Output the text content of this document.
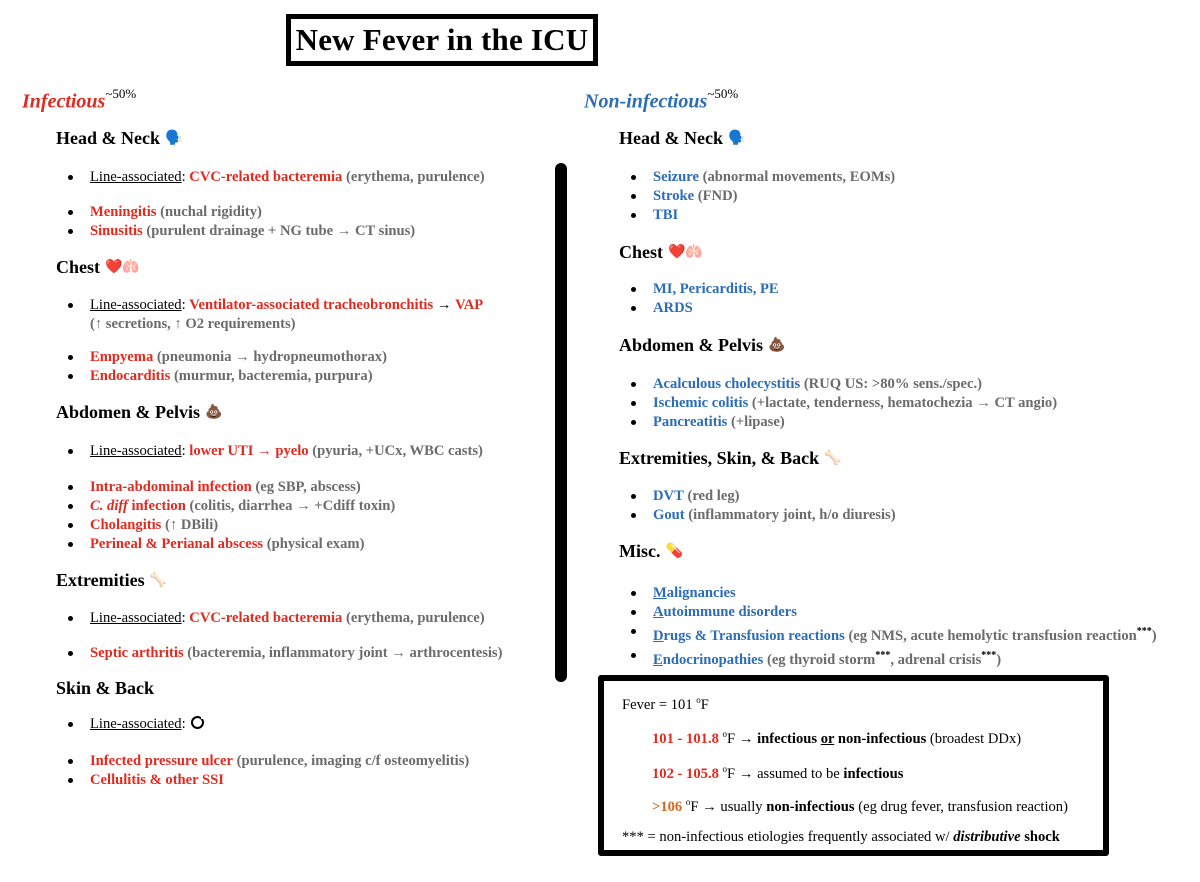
New Fever in the ICU
Infectious$^{\sim 50\%}$	Non-infectious$^{\sim 50\%}$
Head & Neck 🗣️
Line-associated: CVC-related bacteremia (erythema, purulence)
Meningitis (nuchal rigidity)
Sinusitis (purulent drainage + NG tube → CT sinus)
Chest ❤️🫁
Line-associated: Ventilator-associated tracheobronchitis → VAP
(↑ secretions, ↑ O2 requirements)
Empyema (pneumonia → hydropneumothorax)
Endocarditis (murmur, bacteremia, purpura)
Abdomen & Pelvis 💩
Line-associated: lower UTI → pyelo (pyuria, +UCx, WBC casts)
Intra-abdominal infection (eg SBP, abscess)
C. diff infection (colitis, diarrhea → +Cdiff toxin)
Cholangitis (↑ DBili)
Perineal & Perianal abscess (physical exam)
Extremities 🦴
Line-associated: CVC-related bacteremia (erythema, purulence)
Septic arthritis (bacteremia, inflammatory joint → arthrocentesis)
Skin & Back
Line-associated:
Infected pressure ulcer (purulence, imaging c/f osteomyelitis)
Cellulitis & other SSI
Head & Neck 🗣️
Seizure (abnormal movements, EOMs)
Stroke (FND)
TBI
Chest ❤️🫁
MI, Pericarditis, PE
ARDS
Abdomen & Pelvis 💩
Acalculous cholecystitis (RUQ US: >80% sens./spec.)
Ischemic colitis (+lactate, tenderness, hematochezia → CT angio)
Pancreatitis (+lipase)
Extremities, Skin, & Back 🦴
DVT (red leg)
Gout (inflammatory joint, h/o diuresis)
Misc. 💊
Malignancies
Autoimmune disorders
Drugs & Transfusion reactions (eg NMS, acute hemolytic transfusion reaction***)
Endocrinopathies (eg thyroid storm***, adrenal crisis***)
Fever = 101 $^o$F
101 - 101.8 $^o$F → infectious or non-infectious (broadest DDx)
102 - 105.8 $^o$F → assumed to be infectious
>106 $^o$F → usually non-infectious (eg drug fever, transfusion reaction)
*** = non-infectious etiologies frequently associated w/ distributive shock
